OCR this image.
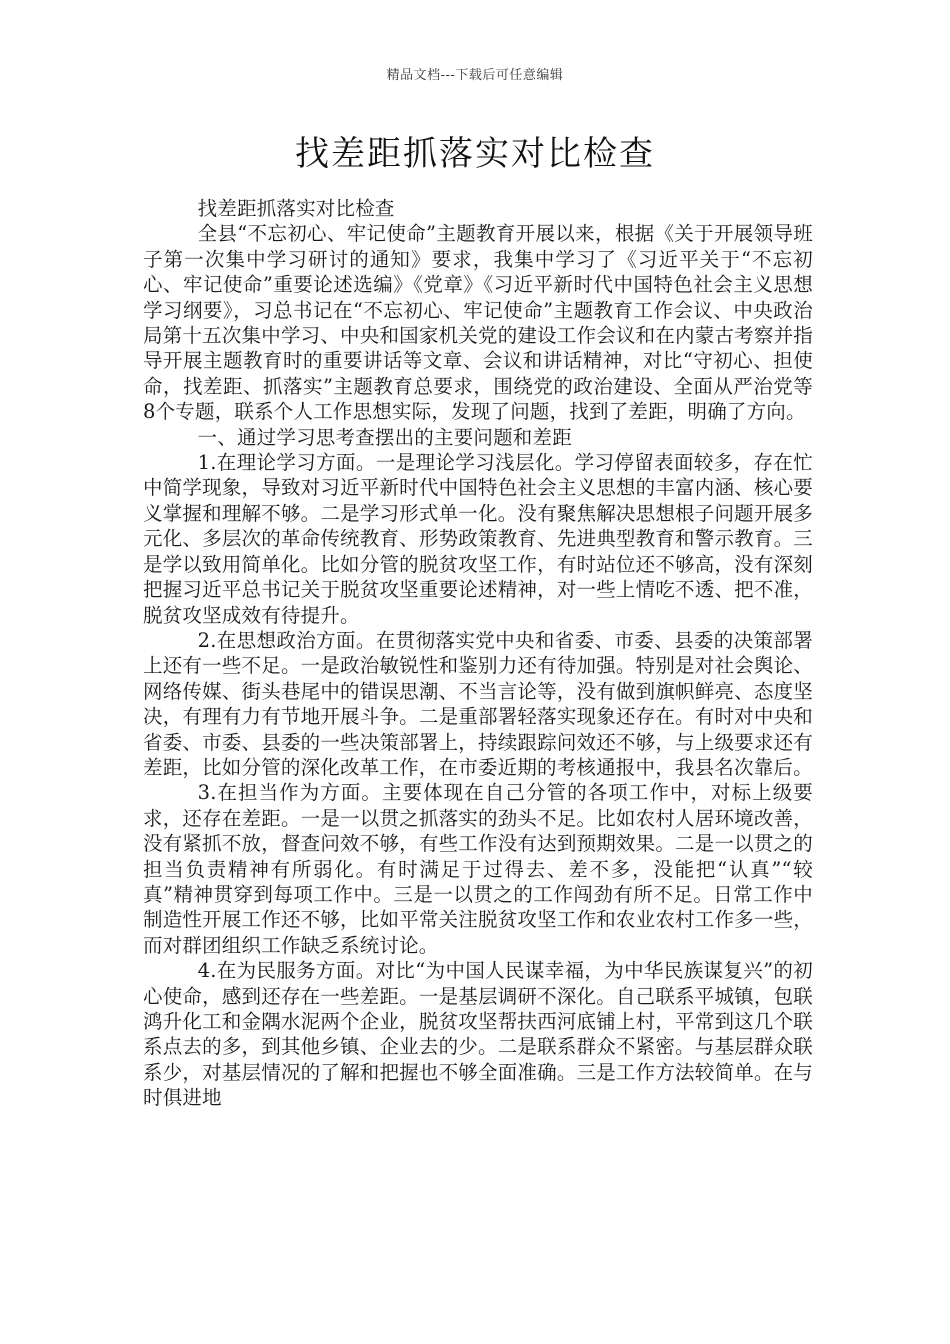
精品文档---下载后可任意编辑
找差距抓落实对比检查

找差距抓落实对比检查

全县“不忘初心、牢记使命”主题教育开展以来，根据《关于开展领导班子第一次集中学习研讨的通知》要求，我集中学习了《习近平关于“不忘初心、牢记使命”重要论述选编》《党章》《习近平新时代中国特色社会主义思想学习纲要》，习总书记在“不忘初心、牢记使命”主题教育工作会议、中央政治局第十五次集中学习、中央和国家机关党的建设工作会议和在内蒙古考察并指导开展主题教育时的重要讲话等文章、会议和讲话精神，对比“守初心、担使命，找差距、抓落实”主题教育总要求，围绕党的政治建设、全面从严治党等8个专题，联系个人工作思想实际，发现了问题，找到了差距，明确了方向。

一、通过学习思考查摆出的主要问题和差距

1.在理论学习方面。一是理论学习浅层化。学习停留表面较多，存在忙中简学现象，导致对习近平新时代中国特色社会主义思想的丰富内涵、核心要义掌握和理解不够。二是学习形式单一化。没有聚焦解决思想根子问题开展多元化、多层次的革命传统教育、形势政策教育、先进典型教育和警示教育。三是学以致用简单化。比如分管的脱贫攻坚工作，有时站位还不够高，没有深刻把握习近平总书记关于脱贫攻坚重要论述精神，对一些上情吃不透、把不准，脱贫攻坚成效有待提升。

2.在思想政治方面。在贯彻落实党中央和省委、市委、县委的决策部署上还有一些不足。一是政治敏锐性和鉴别力还有待加强。特别是对社会舆论、网络传媒、街头巷尾中的错误思潮、不当言论等，没有做到旗帜鲜亮、态度坚决，有理有力有节地开展斗争。二是重部署轻落实现象还存在。有时对中央和省委、市委、县委的一些决策部署上，持续跟踪问效还不够，与上级要求还有差距，比如分管的深化改革工作，在市委近期的考核通报中，我县名次靠后。

3.在担当作为方面。主要体现在自己分管的各项工作中，对标上级要求，还存在差距。一是一以贯之抓落实的劲头不足。比如农村人居环境改善，没有紧抓不放，督查问效不够，有些工作没有达到预期效果。二是一以贯之的担当负责精神有所弱化。有时满足于过得去、差不多，没能把“认真”“较真”精神贯穿到每项工作中。三是一以贯之的工作闯劲有所不足。日常工作中制造性开展工作还不够，比如平常关注脱贫攻坚工作和农业农村工作多一些，而对群团组织工作缺乏系统讨论。

4.在为民服务方面。对比“为中国人民谋幸福，为中华民族谋复兴”的初心使命，感到还存在一些差距。一是基层调研不深化。自己联系平城镇，包联鸿升化工和金隅水泥两个企业，脱贫攻坚帮扶西河底铺上村，平常到这几个联系点去的多，到其他乡镇、企业去的少。二是联系群众不紧密。与基层群众联系少，对基层情况的了解和把握也不够全面准确。三是工作方法较简单。在与时俱进地
